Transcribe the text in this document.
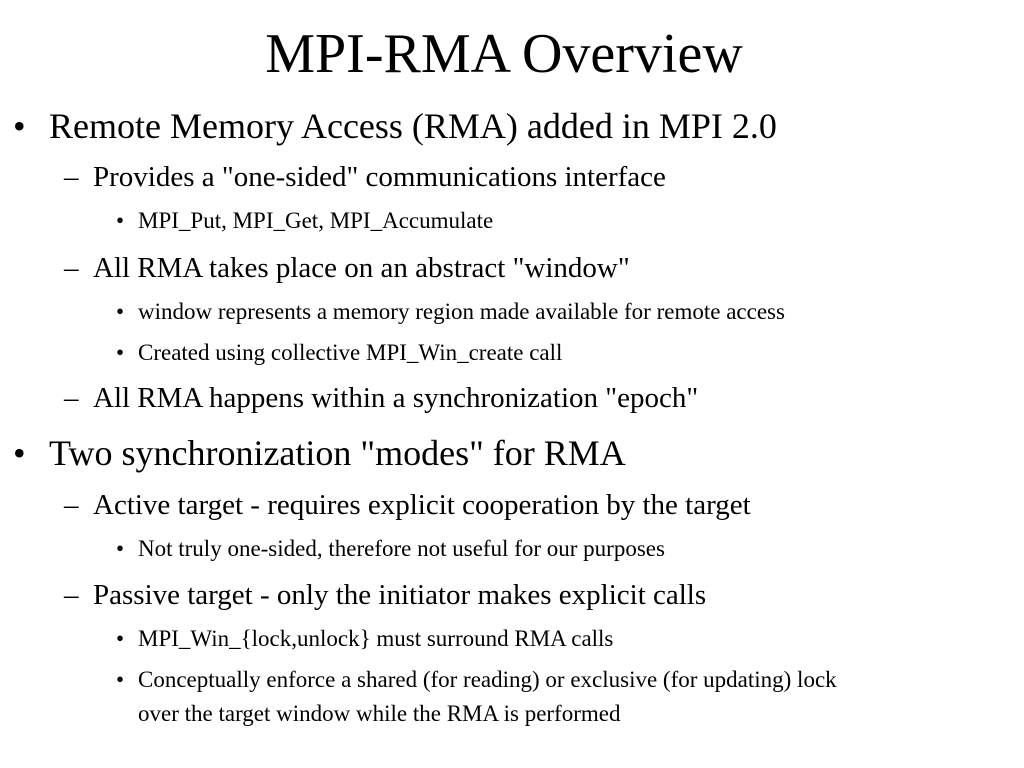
MPI-RMA Overview
• Remote Memory Access (RMA) added in MPI 2.0
– Provides a "one-sided" communications interface
• MPI_Put, MPI_Get, MPI_Accumulate
– All RMA takes place on an abstract "window"
• window represents a memory region made available for remote access
• Created using collective MPI_Win_create call
– All RMA happens within a synchronization "epoch"
• Two synchronization "modes" for RMA
– Active target - requires explicit cooperation by the target
• Not truly one-sided, therefore not useful for our purposes
– Passive target - only the initiator makes explicit calls
• MPI_Win_{lock,unlock} must surround RMA calls
• Conceptually enforce a shared (for reading) or exclusive (for updating) lock
over the target window while the RMA is performed
